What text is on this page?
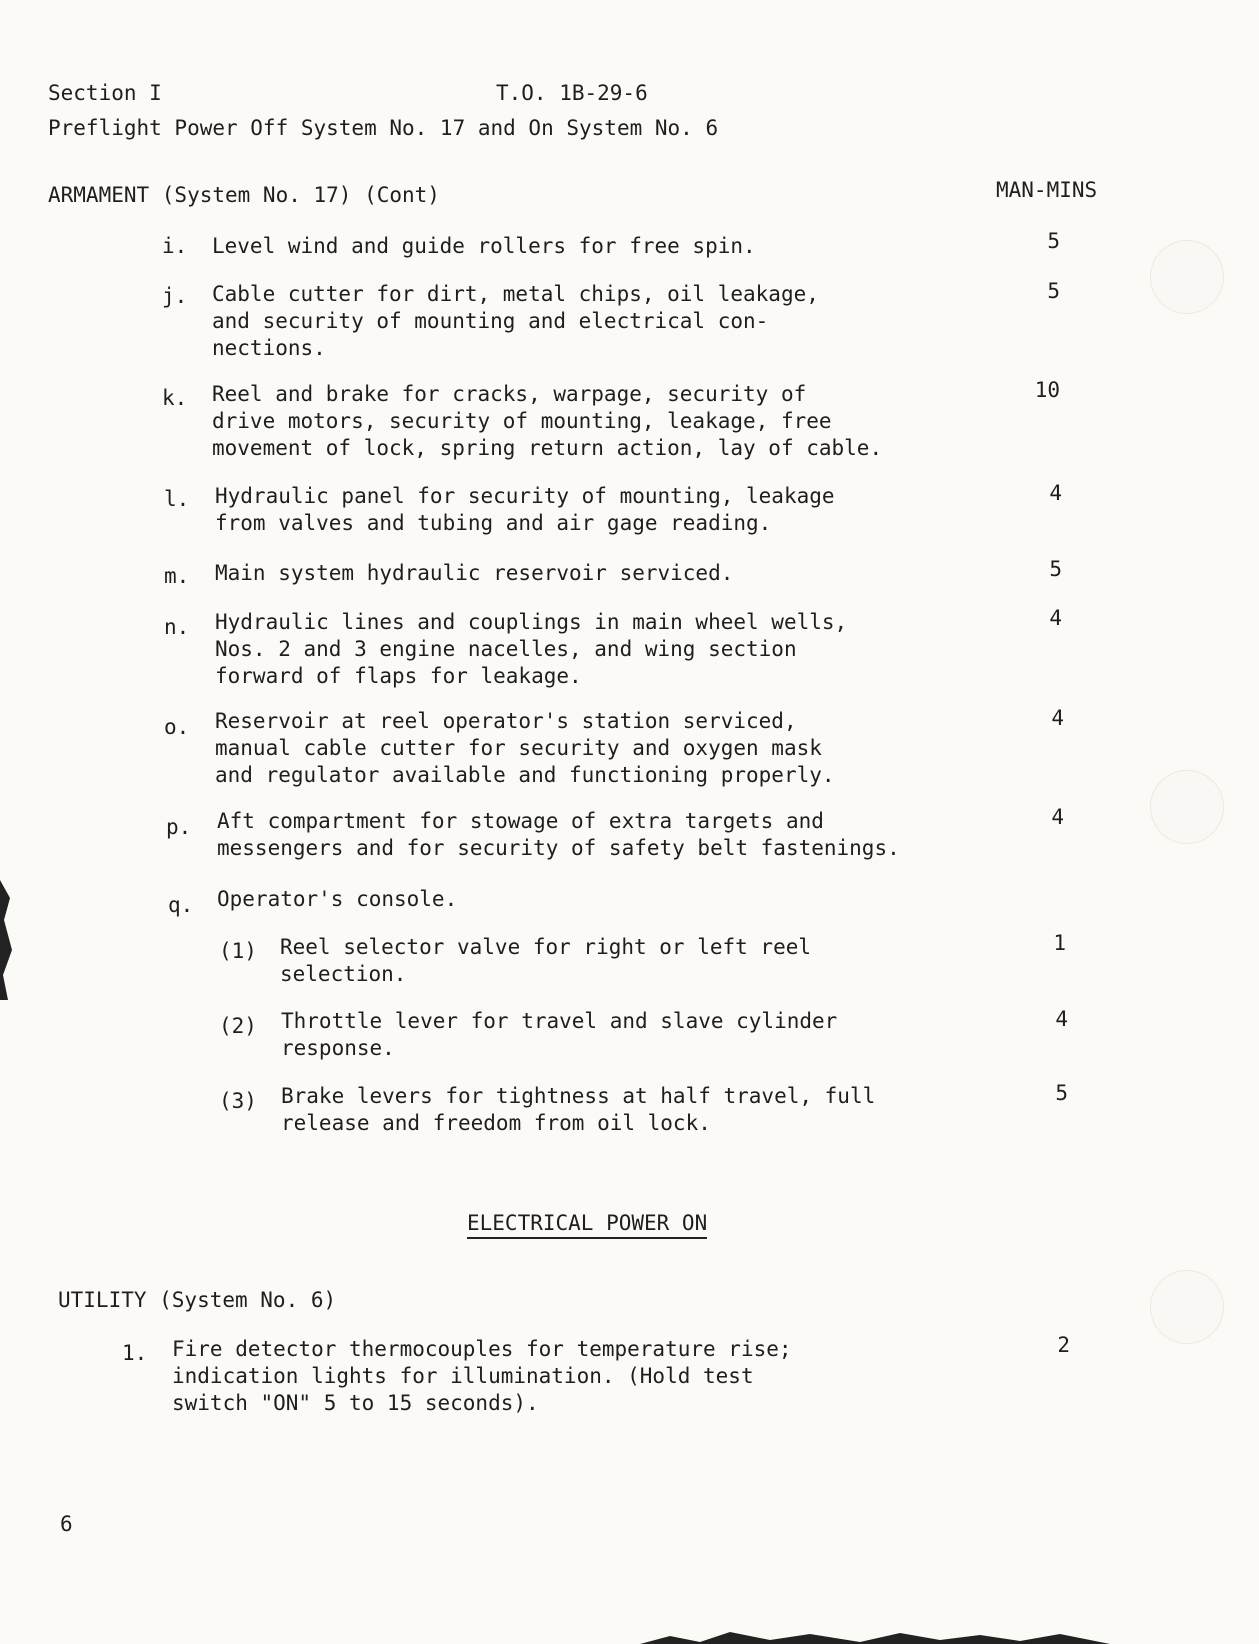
Section I	T.O. 1B-29-6
Preflight Power Off System No. 17 and On System No. 6
ARMAMENT (System No. 17) (Cont)	MAN-MINS
i.	Level wind and guide rollers for free spin.	5
j.	Cable cutter for dirt, metal chips, oil leakage,
and security of mounting and electrical con-
nections.
5
k.	Reel and brake for cracks, warpage, security of
drive motors, security of mounting, leakage, free
movement of lock, spring return action, lay of cable.
10
l.	Hydraulic panel for security of mounting, leakage
from valves and tubing and air gage reading.
4
m.	Main system hydraulic reservoir serviced.	5
n.	Hydraulic lines and couplings in main wheel wells,
Nos. 2 and 3 engine nacelles, and wing section
forward of flaps for leakage.
4
o.	Reservoir at reel operator's station serviced,
manual cable cutter for security and oxygen mask
and regulator available and functioning properly.
4
p.	Aft compartment for stowage of extra targets and
messengers and for security of safety belt fastenings.
4
q.	Operator's console.
(1) Reel selector valve for right or left reel
selection.
1
(2) Throttle lever for travel and slave cylinder
response.
4
(3) Brake levers for tightness at half travel, full
release and freedom from oil lock.
5
ELECTRICAL POWER ON
UTILITY (System No. 6)
1.	Fire detector thermocouples for temperature rise;
indication lights for illumination. (Hold test
switch "ON" 5 to 15 seconds).
2
6
